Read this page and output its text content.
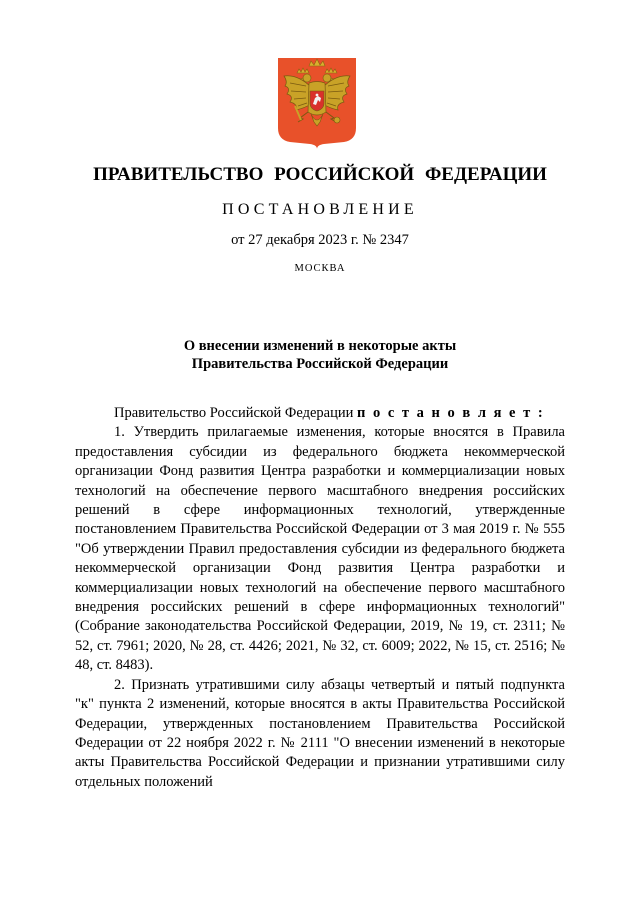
ПРАВИТЕЛЬСТВО РОССИЙСКОЙ ФЕДЕРАЦИИ
ПОСТАНОВЛЕНИЕ
от 27 декабря 2023 г. № 2347
МОСКВА
О внесении изменений в некоторые акты
Правительства Российской Федерации

Правительство Российской Федерации п о с т а н о в л я е т :

1. Утвердить прилагаемые изменения, которые вносятся в Правила предоставления субсидии из федерального бюджета некоммерческой организации Фонд развития Центра разработки и коммерциализации новых технологий на обеспечение первого масштабного внедрения российских решений в сфере информационных технологий, утвержденные постановлением Правительства Российской Федерации от 3 мая 2019 г. № 555 "Об утверждении Правил предоставления субсидии из федерального бюджета некоммерческой организации Фонд развития Центра разработки и коммерциализации новых технологий на обеспечение первого масштабного внедрения российских решений в сфере информационных технологий" (Собрание законодательства Российской Федерации, 2019, № 19, ст. 2311; № 52, ст. 7961; 2020, № 28, ст. 4426; 2021, № 32, ст. 6009; 2022, № 15, ст. 2516; № 48, ст. 8483).

2. Признать утратившими силу абзацы четвертый и пятый подпункта "к" пункта 2 изменений, которые вносятся в акты Правительства Российской Федерации, утвержденных постановлением Правительства Российской Федерации от 22 ноября 2022 г. № 2111 "О внесении изменений в некоторые акты Правительства Российской Федерации и признании утратившими силу отдельных положений
